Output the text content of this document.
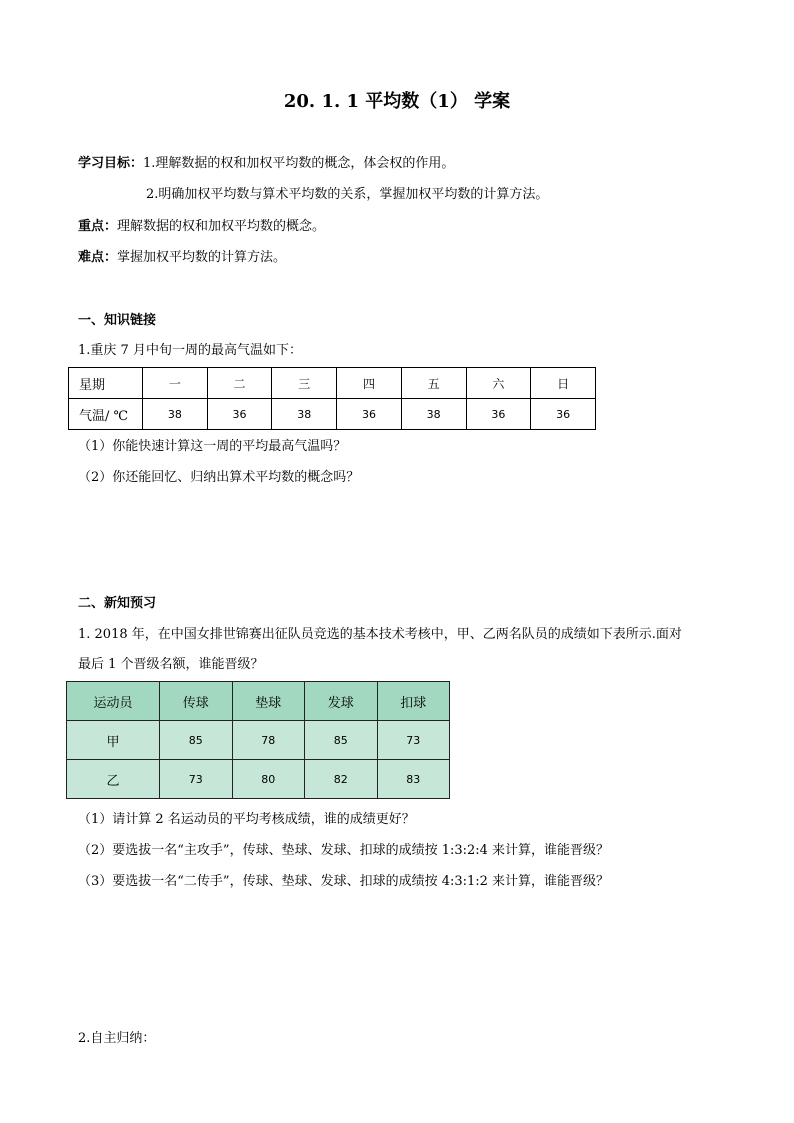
20. 1. 1 平均数（1） 学案
学习目标：1.理解数据的权和加权平均数的概念，体会权的作用。
2.明确加权平均数与算术平均数的关系，掌握加权平均数的计算方法。
重点：理解数据的权和加权平均数的概念。
难点：掌握加权平均数的计算方法。
一、知识链接
1.重庆 7 月中旬一周的最高气温如下：
星期	一	二	三	四	五	六	日
气温/ ℃	38	36	38	36	38	36	36
（1）你能快速计算这一周的平均最高气温吗？
（2）你还能回忆、归纳出算术平均数的概念吗？
二、新知预习
1. 2018 年，在中国女排世锦赛出征队员竞选的基本技术考核中，甲、乙两名队员的成绩如下表所示.面对
最后 1 个晋级名额，谁能晋级？
运动员	传球	垫球	发球	扣球
甲	85	78	85	73
乙	73	80	82	83
（1）请计算 2 名运动员的平均考核成绩，谁的成绩更好？
（2）要选拔一名“主攻手”，传球、垫球、发球、扣球的成绩按 1:3:2:4 来计算，谁能晋级？
（3）要选拔一名“二传手”，传球、垫球、发球、扣球的成绩按 4:3:1:2 来计算，谁能晋级？
2.自主归纳：
